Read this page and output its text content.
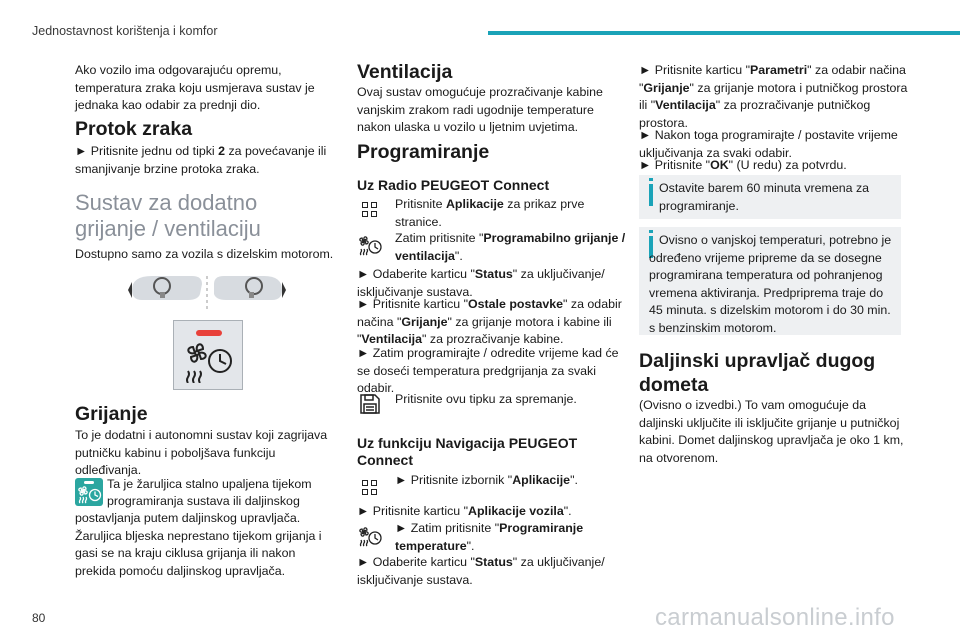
Jednostavnost korištenja i komfor

Ako vozilo ima odgovarajuću opremu, temperatura zraka koju usmjerava sustav je jednaka kao odabir za prednji dio.

Protok zraka

► Pritisnite jednu od tipki 2 za povećavanje ili smanjivanje brzine protoka zraka.

Sustav za dodatno
grijanje / ventilaciju

Dostupno samo za vozila s dizelskim motorom.

Grijanje

To je dodatni i autonomni sustav koji zagrijava putničku kabinu i poboljšava funkciju odleđivanja.

Ta je žaruljica stalno upaljena tijekom

programiranja sustava ili daljinskog

postavljanja putem daljinskog upravljača. Žaruljica bljeska neprestano tijekom grijanja i gasi se na kraju ciklusa grijanja ili nakon prekida pomoću daljinskog upravljača.

Ventilacija

Ovaj sustav omogućuje prozračivanje kabine vanjskim zrakom radi ugodnije temperature nakon ulaska u vozilo u ljetnim uvjetima.

Programiranje
Uz Radio PEUGEOT Connect

Pritisnite Aplikacije za prikaz prve stranice.

Zatim pritisnite "Programabilno grijanje / ventilacija".

► Odaberite karticu "Status" za uključivanje/ isključivanje sustava.

► Pritisnite karticu "Ostale postavke" za odabir načina "Grijanje" za grijanje motora i kabine ili "Ventilacija" za prozračivanje kabine.

► Zatim programirajte / odredite vrijeme kad će se doseći temperatura predgrijanja za svaki odabir.

Pritisnite ovu tipku za spremanje.

Uz funkciju Navigacija PEUGEOT
Connect

► Pritisnite izbornik "Aplikacije".

► Pritisnite karticu "Aplikacije vozila".

► Zatim pritisnite "Programiranje temperature".

► Odaberite karticu "Status" za uključivanje/ isključivanje sustava.

► Pritisnite karticu "Parametri" za odabir načina "Grijanje" za grijanje motora i putničkog prostora ili "Ventilacija" za prozračivanje putničkog prostora.

► Nakon toga programirajte / postavite vrijeme uključivanja za svaki odabir.

► Pritisnite "OK" (U redu) za potvrdu.

Ostavite barem 60 minuta vremena za programiranje.

Ovisno o vanjskoj temperaturi, potrebno je određeno vrijeme pripreme da se dosegne programirana temperatura od pohranjenog vremena aktiviranja. Predpriprema traje do 45 minuta. s dizelskim motorom i do 30 min. s benzinskim motorom.

Daljinski upravljač dugog
dometa

(Ovisno o izvedbi.) To vam omogućuje da daljinski uključite ili isključite grijanje u putničkoj kabini. Domet daljinskog upravljača je oko 1 km, na otvorenom.

80	carmanualsonline.info
